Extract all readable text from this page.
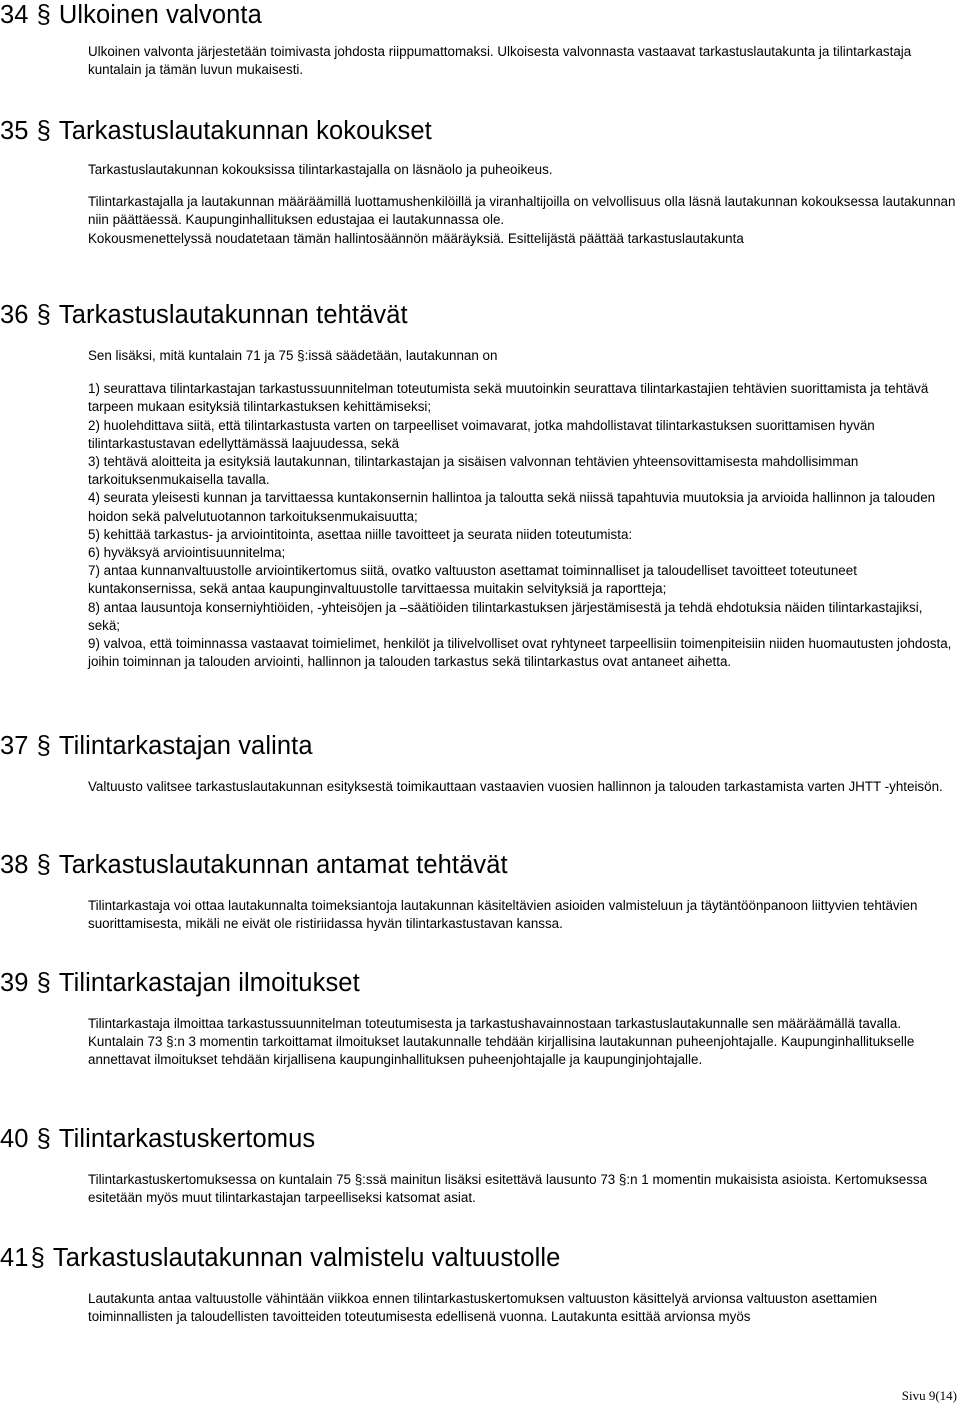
34 § Ulkoinen valvonta

Ulkoinen valvonta järjestetään toimivasta johdosta riippumattomaksi. Ulkoisesta valvonnasta vastaavat tarkastuslautakunta ja tilintarkastaja kuntalain ja tämän luvun mukaisesti.

35 § Tarkastuslautakunnan kokoukset

Tarkastuslautakunnan kokouksissa tilintarkastajalla on läsnäolo ja puheoikeus.

Tilintarkastajalla ja lautakunnan määräämillä luottamushenkilöillä ja viranhaltijoilla on velvollisuus olla läsnä lautakunnan kokouksessa lautakunnan niin päättäessä. Kaupunginhallituksen edustajaa ei lautakunnassa ole.

Kokousmenettelyssä noudatetaan tämän hallintosäännön määräyksiä. Esittelijästä päättää tarkastuslautakunta

36 § Tarkastuslautakunnan tehtävät

Sen lisäksi, mitä kuntalain 71 ja 75 §:issä säädetään, lautakunnan on

1) seurattava tilintarkastajan tarkastussuunnitelman toteutumista sekä muutoinkin seurattava tilintarkastajien tehtävien suorittamista ja tehtävä tarpeen mukaan esityksiä tilintarkastuksen kehittämiseksi;

2) huolehdittava siitä, että tilintarkastusta varten on tarpeelliset voimavarat, jotka mahdollistavat tilintarkastuksen suorittamisen hyvän tilintarkastustavan edellyttämässä laajuudessa, sekä

3) tehtävä aloitteita ja esityksiä lautakunnan, tilintarkastajan ja sisäisen valvonnan tehtävien yhteensovittamisesta mahdollisimman tarkoituksenmukaisella tavalla.

4) seurata yleisesti kunnan ja tarvittaessa kuntakonsernin hallintoa ja taloutta sekä niissä tapahtuvia muutoksia ja arvioida hallinnon ja talouden hoidon sekä palvelutuotannon tarkoituksenmukaisuutta;

5) kehittää tarkastus- ja arviointitointa, asettaa niille tavoitteet ja seurata niiden toteutumista:

6) hyväksyä arviointisuunnitelma;

7) antaa kunnanvaltuustolle arviointikertomus siitä, ovatko valtuuston asettamat toiminnalliset ja taloudelliset tavoitteet toteutuneet kuntakonsernissa, sekä antaa kaupunginvaltuustolle tarvittaessa muitakin selvityksiä ja raportteja;

8) antaa lausuntoja konserniyhtiöiden, -yhteisöjen ja –säätiöiden tilintarkastuksen järjestämisestä ja tehdä ehdotuksia näiden tilintarkastajiksi, sekä;

9) valvoa, että toiminnassa vastaavat toimielimet, henkilöt ja tilivelvolliset ovat ryhtyneet tarpeellisiin toimenpiteisiin niiden huomautusten johdosta, joihin toiminnan ja talouden arviointi, hallinnon ja talouden tarkastus sekä tilintarkastus ovat antaneet aihetta.

37 § Tilintarkastajan valinta

Valtuusto valitsee tarkastuslautakunnan esityksestä toimikauttaan vastaavien vuosien hallinnon ja talouden tarkastamista varten JHTT -yhteisön.

38 § Tarkastuslautakunnan antamat tehtävät

Tilintarkastaja voi ottaa lautakunnalta toimeksiantoja lautakunnan käsiteltävien asioiden valmisteluun ja täytäntöönpanoon liittyvien tehtävien suorittamisesta, mikäli ne eivät ole ristiriidassa hyvän tilintarkastustavan kanssa.

39 § Tilintarkastajan ilmoitukset

Tilintarkastaja ilmoittaa tarkastussuunnitelman toteutumisesta ja tarkastushavainnostaan tarkastuslautakunnalle sen määräämällä tavalla. Kuntalain 73 §:n 3 momentin tarkoittamat ilmoitukset lautakunnalle tehdään kirjallisina lautakunnan puheenjohtajalle. Kaupunginhallitukselle annettavat ilmoitukset tehdään kirjallisena kaupunginhallituksen puheenjohtajalle ja kaupunginjohtajalle.

40 § Tilintarkastuskertomus

Tilintarkastuskertomuksessa on kuntalain 75 §:ssä mainitun lisäksi esitettävä lausunto 73 §:n 1 momentin mukaisista asioista. Kertomuksessa esitetään myös muut tilintarkastajan tarpeelliseksi katsomat asiat.

41§ Tarkastuslautakunnan valmistelu valtuustolle

Lautakunta antaa valtuustolle vähintään viikkoa ennen tilintarkastuskertomuksen valtuuston käsittelyä arvionsa valtuuston asettamien toiminnallisten ja taloudellisten tavoitteiden toteutumisesta edellisenä vuonna. Lautakunta esittää arvionsa myös

Sivu 9(14)
